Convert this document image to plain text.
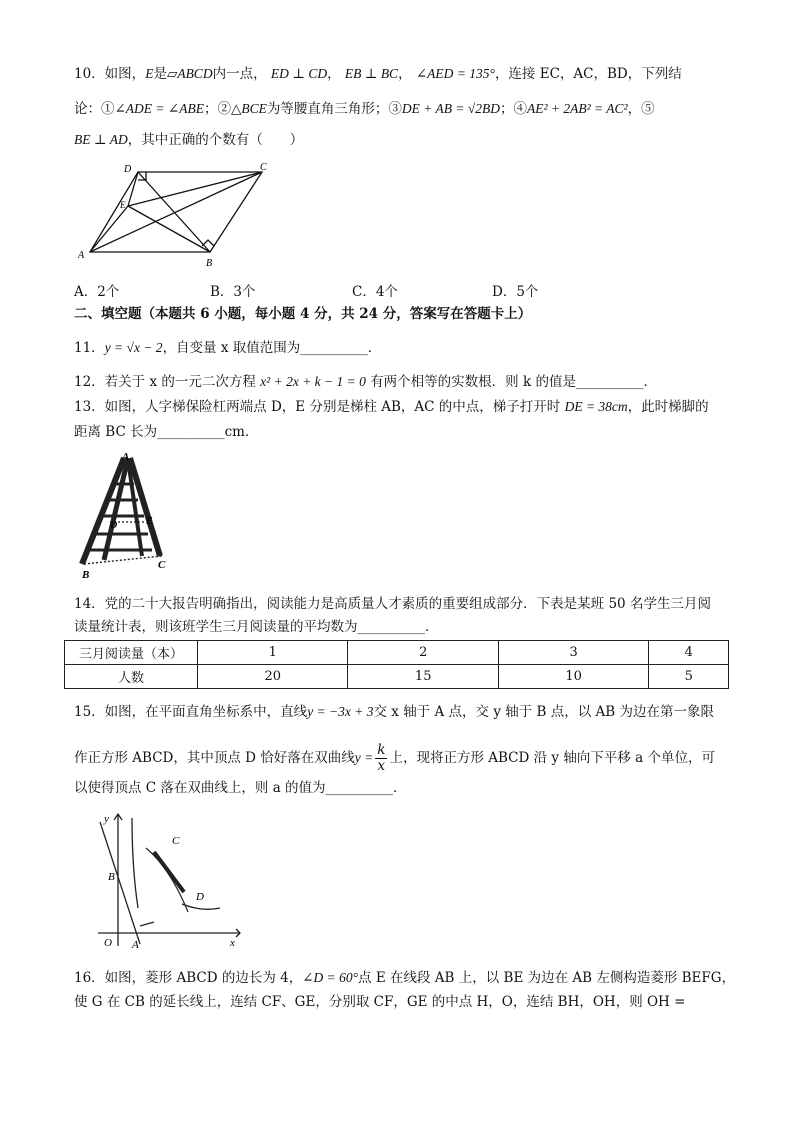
10．如图，E是▱ABCD内一点， ED ⊥ CD， EB ⊥ BC， ∠AED = 135°，连接 EC，AC，BD，下列结
论：①∠ADE = ∠ABE；②△BCE为等腰直角三角形；③DE + AB = √2BD；④AE² + 2AB² = AC²，⑤
BE ⊥ AD，其中正确的个数有（　　）
A
B
C
D
E
A．2个	B．3个	C．4个	D．5个
二、填空题（本题共 6 小题，每小题 4 分，共 24 分，答案写在答题卡上）
11．y = √x − 2，自变量 x 取值范围为__________．
12．若关于 x 的一元二次方程 x² + 2x + k − 1 = 0 有两个相等的实数根．则 k 的值是__________．
13．如图，人字梯保险杠两端点 D，E 分别是梯柱 AB，AC 的中点，梯子打开时 DE = 38cm，此时梯脚的
距离 BC 长为__________cm．
A
B
C
D	E
14．党的二十大报告明确指出，阅读能力是高质量人才素质的重要组成部分．下表是某班 50 名学生三月阅
读量统计表，则该班学生三月阅读量的平均数为__________．
三月阅读量（本）	1	2	3	4
人数	20	15	10	5
15．如图，在平面直角坐标系中，直线y = −3x + 3交 x 轴于 A 点，交 y 轴于 B 点，以 AB 为边在第一象限
作正方形 ABCD，其中顶点 D 恰好落在双曲线$y = \frac{k}{x}$ 上，现将正方形 ABCD 沿 y 轴向下平移 a 个单位，可
以使得顶点 C 落在双曲线上，则 a 的值为__________．
y
x
O A
B
C
D
16．如图，菱形 ABCD 的边长为 4，∠D = 60°点 E 在线段 AB 上，以 BE 为边在 AB 左侧构造菱形 BEFG，
使 G 在 CB 的延长线上，连结 CF、GE，分别取 CF，GE 的中点 H，O，连结 BH，OH，则 OH =
